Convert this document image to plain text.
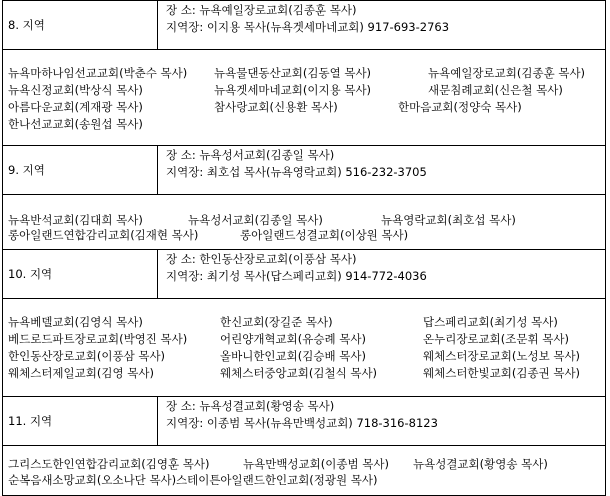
8. 지역
장 소: 뉴욕예일장로교회(김종훈 목사)
지역장: 이지용 목사(뉴욕겟세마네교회) 917-693-2763
뉴욕마하나임선교교회(박춘수 목사) 뉴욕물댄동산교회(김동열 목사)	뉴욕예일장로교회(김종훈 목사)
뉴욕신정교회(박상식 목사)	뉴욕겟세마네교회(이지용 목사)	새문침례교회(신은철 목사)
아름다운교회(계재광 목사)	참사랑교회(신용환 목사)	한마음교회(정양숙 목사)
한나선교교회(송원섭 목사)
9. 지역
장 소: 뉴욕성서교회(김종일 목사)
지역장: 최호섭 목사(뉴욕영락교회) 516-232-3705
뉴욕반석교회(김대희 목사)	뉴욕성서교회(김종일 목사)	뉴욕영락교회(최호섭 목사)
롱아일랜드연합감리교회(김재현 목사)	롱아일랜드성결교회(이상원 목사)
10. 지역
장 소: 한인동산장로교회(이풍삼 목사)
지역장: 최기성 목사(답스페리교회) 914-772-4036
뉴욕베델교회(김영식 목사)	한신교회(장길준 목사)	답스페리교회(최기성 목사)
베드로드파트장로교회(박영진 목사)	어린양개혁교회(유승례 목사)	온누리장로교회(조문휘 목사)
한인동산장로교회(이풍삼 목사)	올바니한인교회(김승배 목사)	웨체스터장로교회(노성보 목사)
웨체스터제일교회(김영 목사)	웨체스터중앙교회(김철식 목사)	웨체스터한빛교회(김종권 목사)
11. 지역
장 소: 뉴욕성결교회(황영송 목사)
지역장: 이종범 목사(뉴욕만백성교회) 718-316-8123
그리스도한인연합감리교회(김영훈 목사)	뉴욕만백성교회(이종범 목사) 뉴욕성결교회(황영송 목사)
순복음새소망교회(오소나단 목사) 스테이튼아일랜드한인교회(정광원 목사)
